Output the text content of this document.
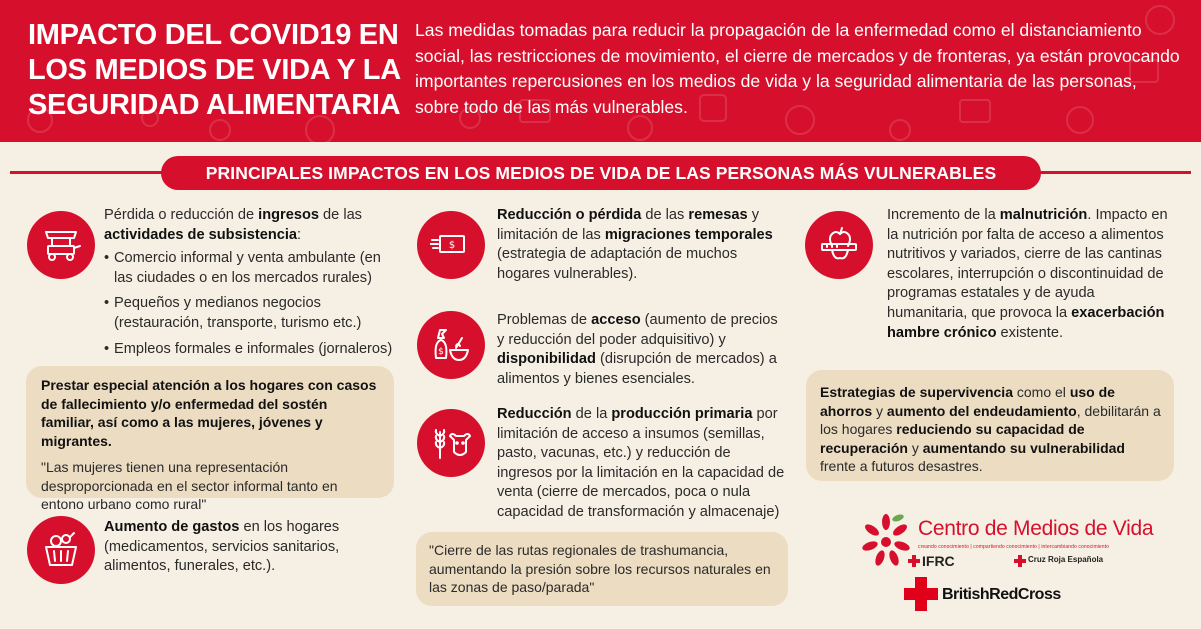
IMPACTO DEL COVID19 EN LOS MEDIOS DE VIDA Y LA SEGURIDAD ALIMENTARIA

Las medidas tomadas para reducir la propagación de la enfermedad como el distanciamiento social, las restricciones de movimiento, el cierre de mercados y de fronteras, ya están provocando importantes repercusiones en los medios de vida y la seguridad alimentaria de las personas, sobre todo de las más vulnerables.

PRINCIPALES IMPACTOS EN LOS MEDIOS DE VIDA DE LAS PERSONAS MÁS VULNERABLES
Pérdida o reducción de ingresos de las actividades de subsistencia:
• Comercio informal y venta ambulante (en las ciudades o en los mercados rurales)
• Pequeños y medianos negocios (restauración, transporte, turismo etc.)
• Empleos formales e informales (jornaleros)
Prestar especial atención a los hogares con casos de fallecimiento y/o enfermedad del sostén familiar, así como a las mujeres, jóvenes y migrantes.
"Las mujeres tienen una representación desproporcionada en el sector informal tanto en entono urbano como rural"
Aumento de gastos en los hogares (medicamentos, servicios sanitarios, alimentos, funerales, etc.).
$
Reducción o pérdida de las remesas y limitación de las migraciones temporales (estrategia de adaptación de muchos hogares vulnerables).
$
Problemas de acceso (aumento de precios y reducción del poder adquisitivo) y disponibilidad (disrupción de mercados) a alimentos y bienes esenciales.
Reducción de la producción primaria por limitación de acceso a insumos (semillas, pasto, vacunas, etc.) y reducción de ingresos por la limitación en la capacidad de venta (cierre de mercados, poca o nula capacidad de transformación y almacenaje)
"Cierre de las rutas regionales de trashumancia, aumentando la presión sobre los recursos naturales en las zonas de paso/parada"
Incremento de la malnutrición. Impacto en la nutrición por falta de acceso a alimentos nutritivos y variados, cierre de las cantinas escolares, interrupción o discontinuidad de programas estatales y de ayuda humanitaria, que provoca la exacerbación hambre crónico existente.
Estrategias de supervivencia como el uso de ahorros y aumento del endeudamiento, debilitarán a los hogares reduciendo su capacidad de recuperación y aumentando su vulnerabilidad frente a futuros desastres.
Centro de Medios de Vida
creando conocimiento | compartiendo conocimiento | intercambiando conocimiento
IFRC	Cruz Roja Española
BritishRedCross
